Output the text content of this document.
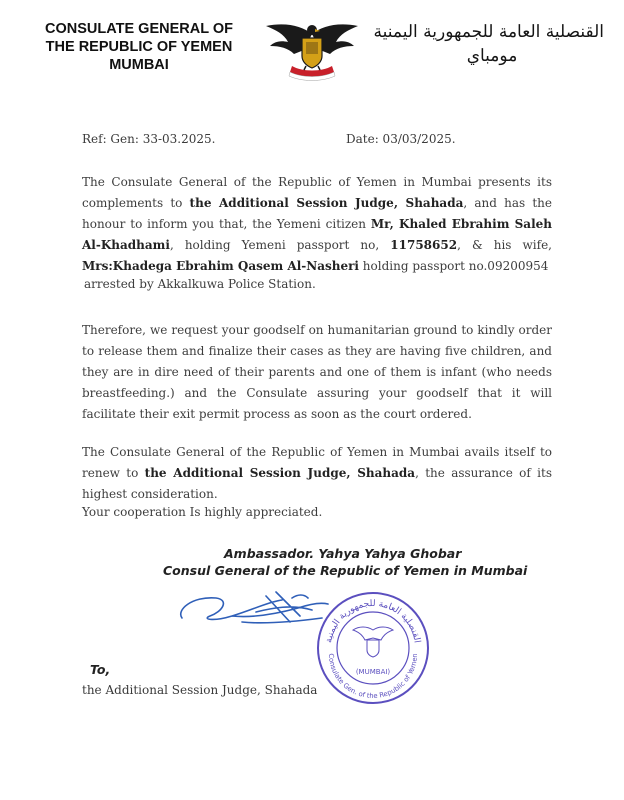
CONSULATE GENERAL OF
THE REPUBLIC OF YEMEN
MUMBAI
القنصلية العامة للجمهورية اليمنية
مومباي
Ref: Gen: 33-03.2025.	Date: 03/03/2025.
The Consulate General of the Republic of Yemen in Mumbai presents its complements to the Additional Session Judge, Shahada, and has the honour to inform you that, the Yemeni citizen Mr, Khaled Ebrahim Saleh Al-Khadhami, holding Yemeni passport no, 11758652, & his wife, Mrs:Khadega Ebrahim Qasem Al-Nasheri holding passport no.09200954
arrested by Akkalkuwa Police Station.
Therefore, we request your goodself on humanitarian ground to kindly order to release them and finalize their cases as they are having five children, and they are in dire need of their parents and one of them is infant (who needs breastfeeding.) and the Consulate assuring your goodself that it will facilitate their exit permit process as soon as the court ordered.
The Consulate General of the Republic of Yemen in Mumbai avails itself to renew to the Additional Session Judge, Shahada, the assurance of its highest consideration.
Your cooperation Is highly appreciated.
Ambassador. Yahya Yahya Ghobar
Consul General of the Republic of Yemen in Mumbai
القنصلية العامة للجمهورية اليمنية
Consulate Gen. of the Republic of Yemen
(MUMBAI)
To,
the Additional Session Judge, Shahada
